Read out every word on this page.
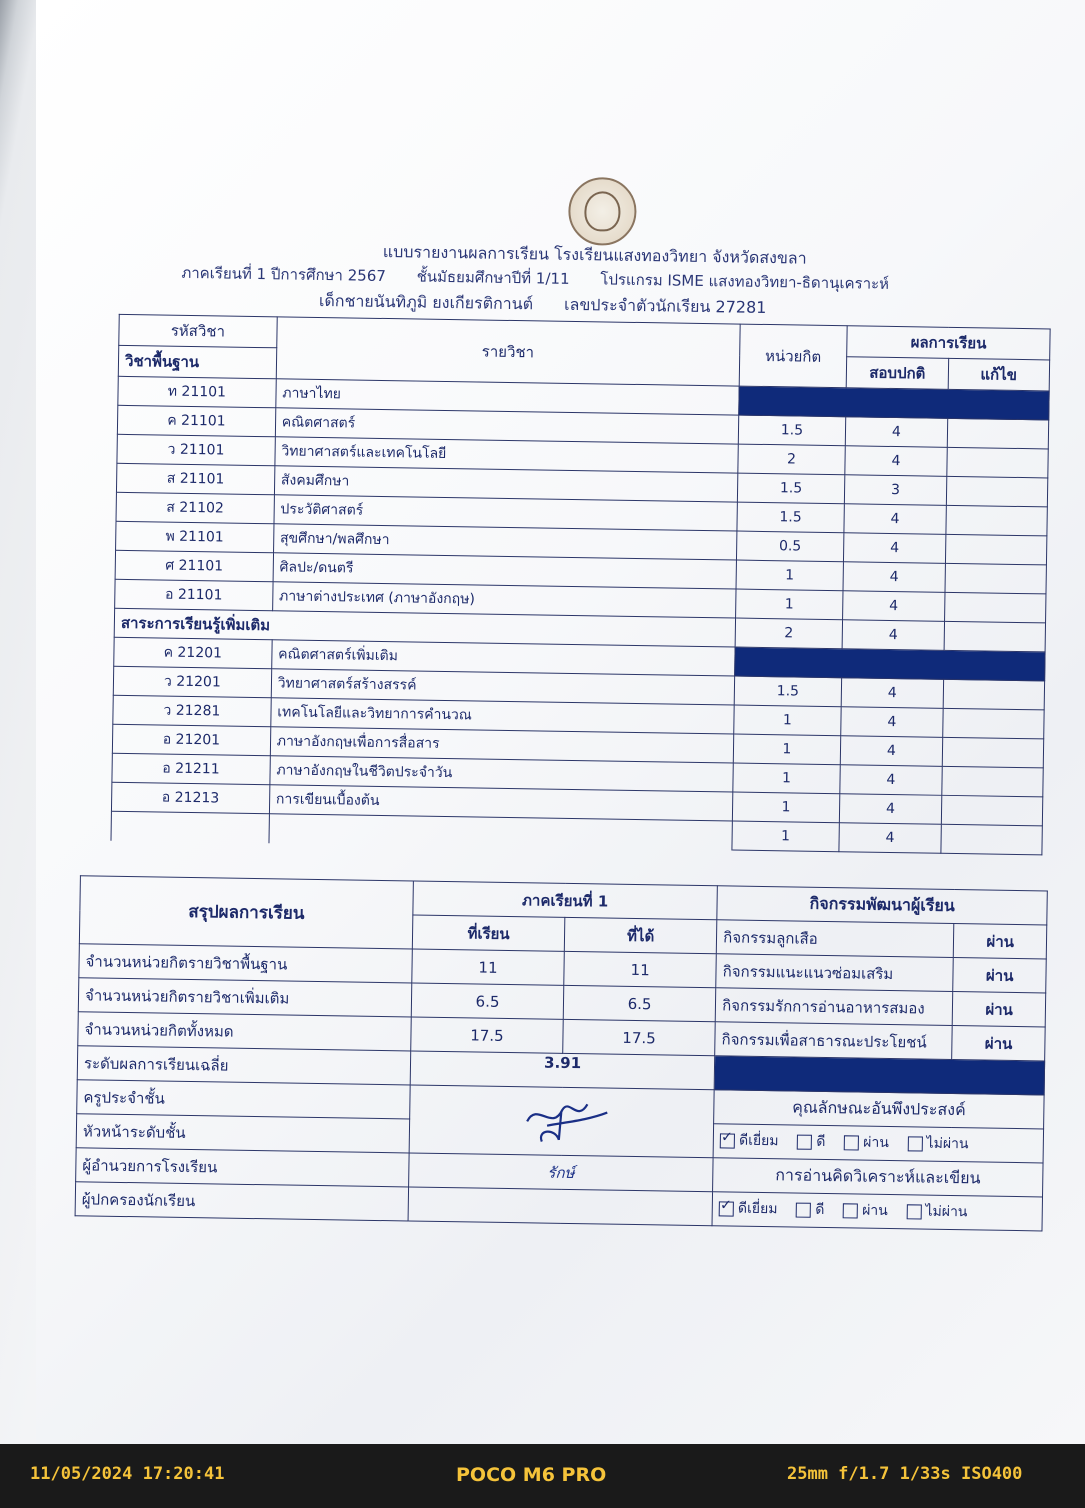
แบบรายงานผลการเรียน โรงเรียนแสงทองวิทยา จังหวัดสงขลา
ภาคเรียนที่ 1 ปีการศึกษา 2567 ชั้นมัธยมศึกษาปีที่ 1/11 โปรแกรม ISME แสงทองวิทยา-ธิดานุเคราะห์
เด็กชายนันทิภูมิ ยงเกียรติกานต์ เลขประจำตัวนักเรียน 27281
รหัสวิชา	รายวิชา	หน่วยกิต	ผลการเรียน	
วิชาพื้นฐาน			สอบปกติ	แก้ไข
ท 21101	ภาษาไทย			
ค 21101	คณิตศาสตร์	1.5	4	
ว 21101	วิทยาศาสตร์และเทคโนโลยี	2	4	
ส 21101	สังคมศึกษา	1.5	3	
ส 21102	ประวัติศาสตร์	1.5	4	
พ 21101	สุขศึกษา/พลศึกษา	0.5	4	
ศ 21101	ศิลปะ/ดนตรี	1	4	
อ 21101	ภาษาต่างประเทศ (ภาษาอังกฤษ)	1	4	
สาระการเรียนรู้เพิ่มเติม		2	4	
ค 21201	คณิตศาสตร์เพิ่มเติม			
ว 21201	วิทยาศาสตร์สร้างสรรค์	1.5	4	
ว 21281	เทคโนโลยีและวิทยาการคำนวณ	1	4	
อ 21201	ภาษาอังกฤษเพื่อการสื่อสาร	1	4	
อ 21211	ภาษาอังกฤษในชีวิตประจำวัน	1	4	
อ 21213	การเขียนเบื้องต้น	1	4	
		1	4	
สรุปผลการเรียน	ภาคเรียนที่ 1		กิจกรรมพัฒนาผู้เรียน	
	ที่เรียน	ที่ได้	กิจกรรมลูกเสือ	ผ่าน
จำนวนหน่วยกิตรายวิชาพื้นฐาน	11	11	กิจกรรมแนะแนวซ่อมเสริม	ผ่าน
จำนวนหน่วยกิตรายวิชาเพิ่มเติม	6.5	6.5	กิจกรรมรักการอ่านอาหารสมอง	ผ่าน
จำนวนหน่วยกิตทั้งหมด	17.5	17.5	กิจกรรมเพื่อสาธารณะประโยชน์	ผ่าน
ระดับผลการเรียนเฉลี่ย	3.91			
ครูประจำชั้น			คุณลักษณะอันพึงประสงค์	
หัวหน้าระดับชั้น	
✓ดีเยี่ยม
ดี
ผ่าน
ไม่ผ่าน

ผู้อำนวยการโรงเรียน	รักษ์		การอ่านคิดวิเคราะห์และเขียน	
ผู้ปกครองนักเรียน		
✓ดีเยี่ยม
ดี
ผ่าน
ไม่ผ่าน
11/05/2024 17:20:41	POCO M6 PRO	25mm f/1.7 1/33s ISO400
